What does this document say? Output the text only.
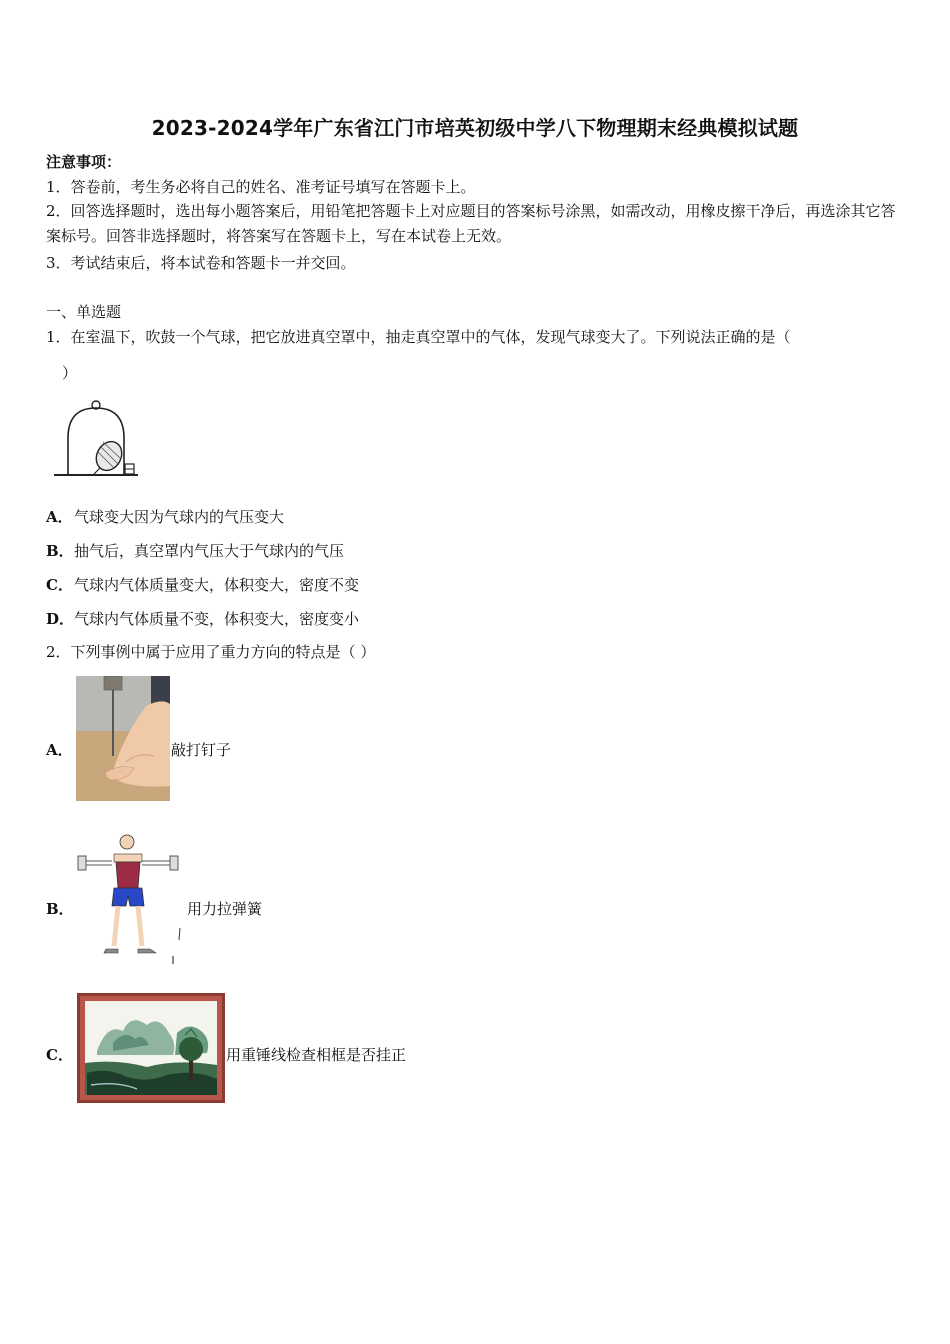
2023-2024学年广东省江门市培英初级中学八下物理期末经典模拟试题
注意事项：
1．答卷前，考生务必将自己的姓名、准考证号填写在答题卡上。
2．回答选择题时，选出每小题答案后，用铅笔把答题卡上对应题目的答案标号涂黑，如需改动，用橡皮擦干净后，再选涂其它答案标号。回答非选择题时，将答案写在答题卡上，写在本试卷上无效。
3．考试结束后，将本试卷和答题卡一并交回。
一、单选题
1．在室温下，吹鼓一个气球，把它放进真空罩中，抽走真空罩中的气体，发现气球变大了。下列说法正确的是（
）
A． 气球变大因为气球内的气压变大
B． 抽气后，真空罩内气压大于气球内的气压
C． 气球内气体质量变大，体积变大，密度不变
D． 气球内气体质量不变，体积变大，密度变小
2．下列事例中属于应用了重力方向的特点是（ ）
A．	敲打钉子
B．	用力拉弹簧
C．	用重锤线检查相框是否挂正
